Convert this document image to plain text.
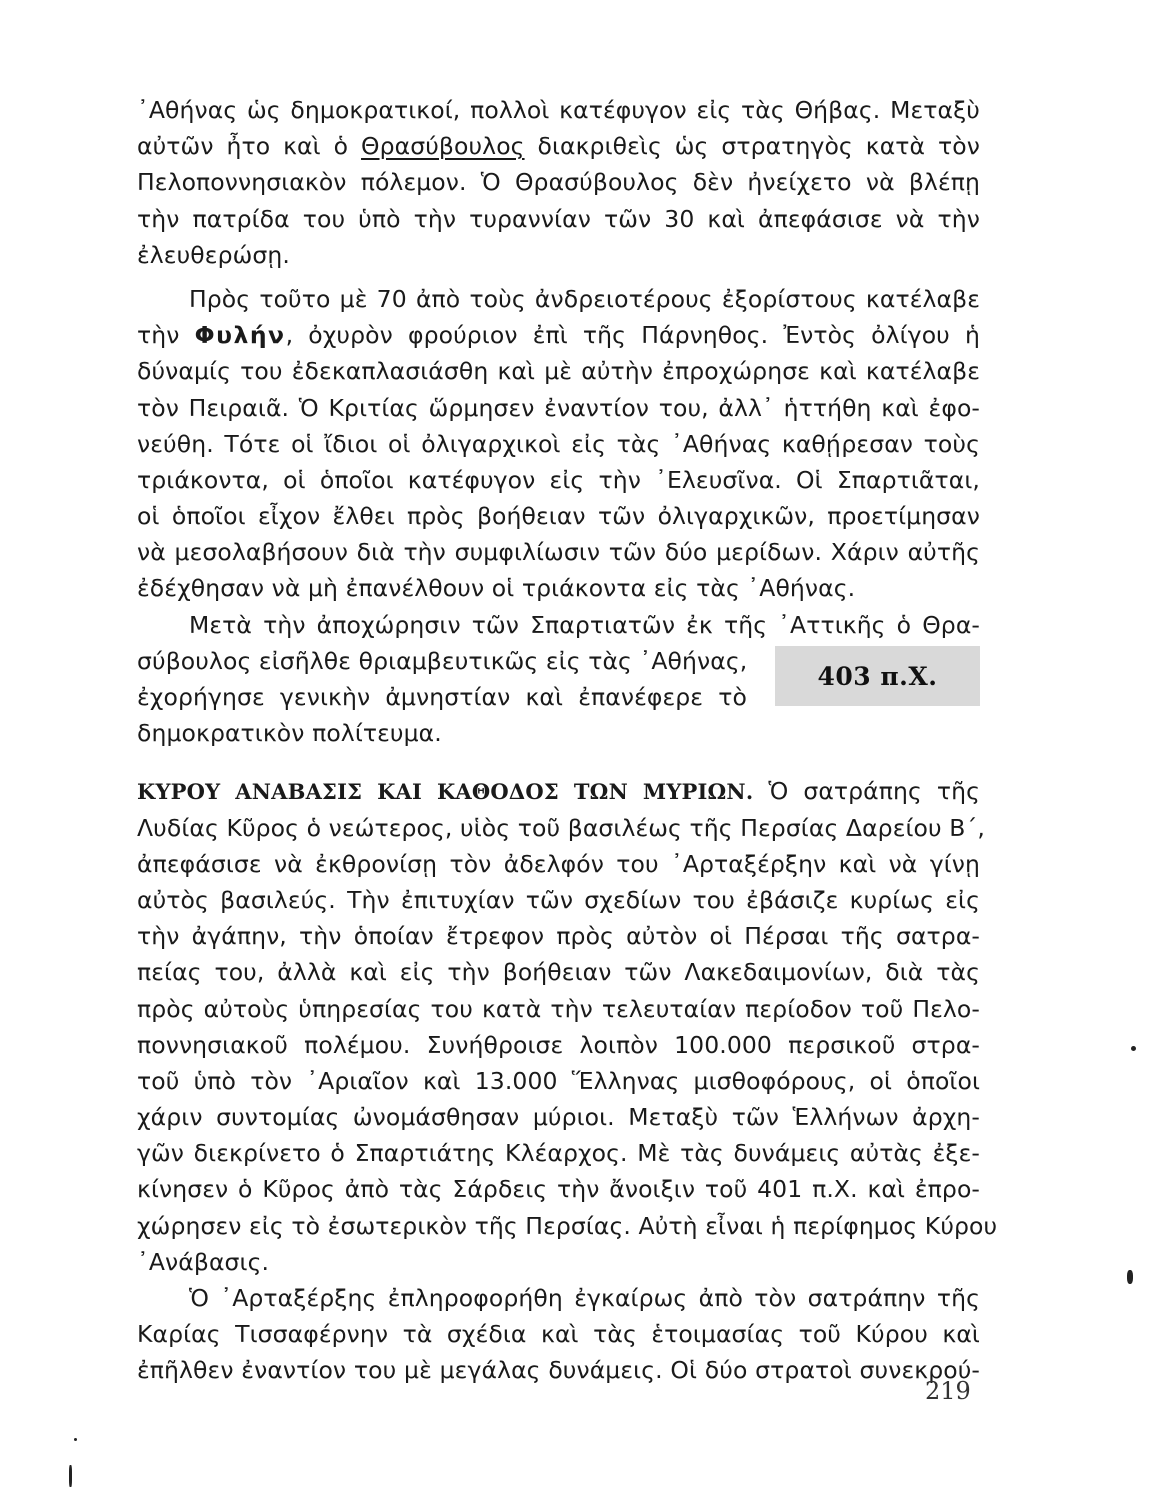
᾿Αθήνας ὡς δημοκρατικοί, πολλοὶ κατέφυγον εἰς τὰς Θήβας. Μεταξὺ
αὐτῶν ἦτο καὶ ὁ Θρασύβουλος διακριθεὶς ὡς στρατηγὸς κατὰ τὸν
Πελοποννησιακὸν πόλεμον. Ὁ Θρασύβουλος δὲν ἠνείχετο νὰ βλέπῃ
τὴν πατρίδα του ὑπὸ τὴν τυραννίαν τῶν 30 καὶ ἀπεφάσισε νὰ τὴν
ἐλευθερώσῃ.
Πρὸς τοῦτο μὲ 70 ἀπὸ τοὺς ἀνδρειοτέρους ἐξορίστους κατέλαβε
τὴν Φυλήν, ὀχυρὸν φρούριον ἐπὶ τῆς Πάρνηθος. Ἐντὸς ὀλίγου ἡ
δύναμίς του ἐδεκαπλασιάσθη καὶ μὲ αὐτὴν ἐπροχώρησε καὶ κατέλαβε
τὸν Πειραιᾶ. Ὁ Κριτίας ὥρμησεν ἐναντίον του, ἀλλ᾿ ἡττήθη καὶ ἐφο-
νεύθη. Τότε οἱ ἴδιοι οἱ ὀλιγαρχικοὶ εἰς τὰς ᾿Αθήνας καθῄρεσαν τοὺς
τριάκοντα, οἱ ὁποῖοι κατέφυγον εἰς τὴν ᾿Ελευσῖνα. Οἱ Σπαρτιᾶται,
οἱ ὁποῖοι εἶχον ἔλθει πρὸς βοήθειαν τῶν ὀλιγαρχικῶν, προετίμησαν
νὰ μεσολαβήσουν διὰ τὴν συμφιλίωσιν τῶν δύο μερίδων. Χάριν αὐτῆς
ἐδέχθησαν νὰ μὴ ἐπανέλθουν οἱ τριάκοντα εἰς τὰς ᾿Αθήνας.
Μετὰ τὴν ἀποχώρησιν τῶν Σπαρτιατῶν ἐκ τῆς ᾿Αττικῆς ὁ Θρα-
σύβουλος εἰσῆλθε θριαμβευτικῶς εἰς τὰς ᾿Αθήνας,
ἐχορήγησε γενικὴν ἀμνηστίαν καὶ ἐπανέφερε τὸ
δημοκρατικὸν πολίτευμα.
ΚΥΡΟΥ ΑΝΑΒΑΣΙΣ ΚΑΙ ΚΑΘΟΔΟΣ ΤΩΝ ΜΥΡΙΩΝ. Ὁ σατράπης τῆς
Λυδίας Κῦρος ὁ νεώτερος, υἱὸς τοῦ βασιλέως τῆς Περσίας Δαρείου Β΄,
ἀπεφάσισε νὰ ἐκθρονίσῃ τὸν ἀδελφόν του ᾿Αρταξέρξην καὶ νὰ γίνῃ
αὐτὸς βασιλεύς. Τὴν ἐπιτυχίαν τῶν σχεδίων του ἐβάσιζε κυρίως εἰς
τὴν ἀγάπην, τὴν ὁποίαν ἔτρεφον πρὸς αὐτὸν οἱ Πέρσαι τῆς σατρα-
πείας του, ἀλλὰ καὶ εἰς τὴν βοήθειαν τῶν Λακεδαιμονίων, διὰ τὰς
πρὸς αὐτοὺς ὑπηρεσίας του κατὰ τὴν τελευταίαν περίοδον τοῦ Πελο-
ποννησιακοῦ πολέμου. Συνήθροισε λοιπὸν 100.000 περσικοῦ στρα-
τοῦ ὑπὸ τὸν ᾿Αριαῖον καὶ 13.000 Ἕλληνας μισθοφόρους, οἱ ὁποῖοι
χάριν συντομίας ὠνομάσθησαν μύριοι. Μεταξὺ τῶν Ἑλλήνων ἀρχη-
γῶν διεκρίνετο ὁ Σπαρτιάτης Κλέαρχος. Μὲ τὰς δυνάμεις αὐτὰς ἐξε-
κίνησεν ὁ Κῦρος ἀπὸ τὰς Σάρδεις τὴν ἄνοιξιν τοῦ 401 π.Χ. καὶ ἐπρο-
χώρησεν εἰς τὸ ἐσωτερικὸν τῆς Περσίας. Αὐτὴ εἶναι ἡ περίφημος Κύρου
᾿Ανάβασις.
Ὁ ᾿Αρταξέρξης ἐπληροφορήθη ἐγκαίρως ἀπὸ τὸν σατράπην τῆς
Καρίας Τισσαφέρνην τὰ σχέδια καὶ τὰς ἑτοιμασίας τοῦ Κύρου καὶ
ἐπῆλθεν ἐναντίον του μὲ μεγάλας δυνάμεις. Οἱ δύο στρατοὶ συνεκρού-
403 π.Χ.
219
